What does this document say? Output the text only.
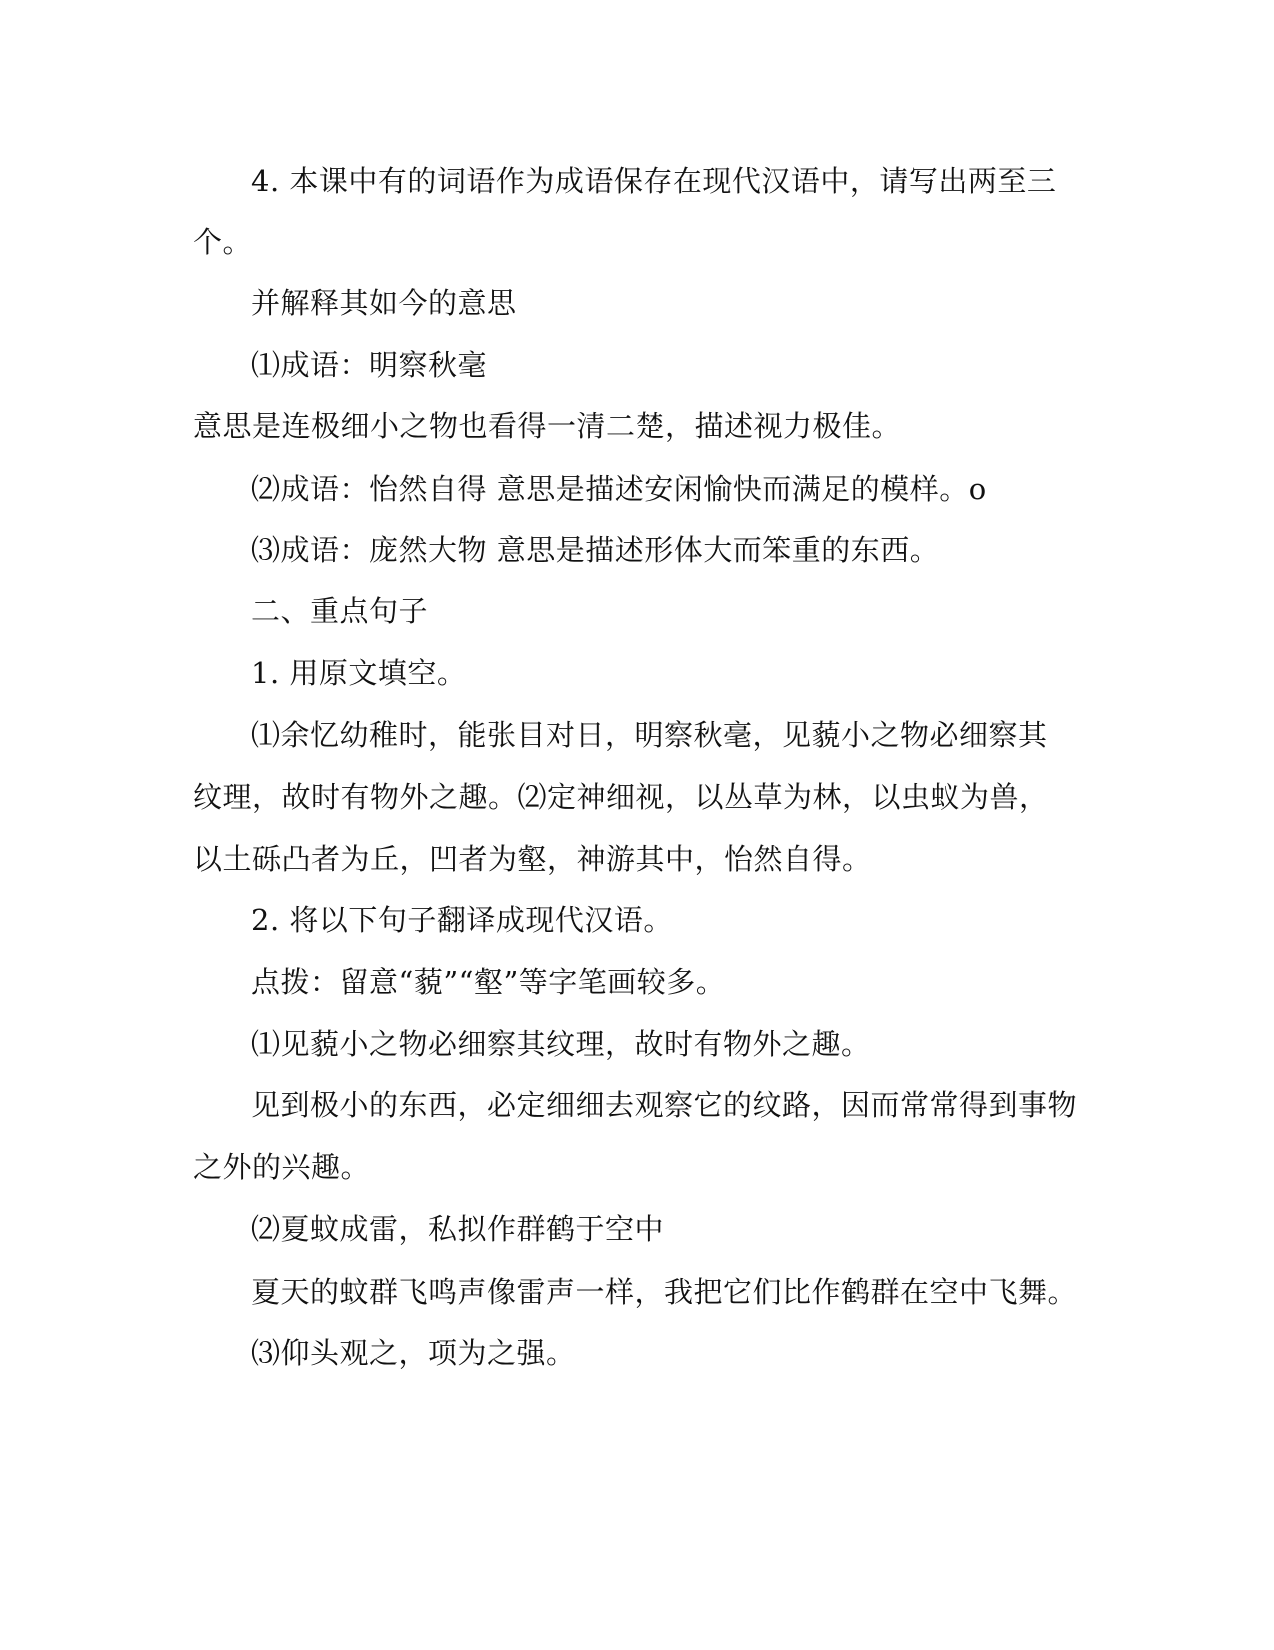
4. 本课中有的词语作为成语保存在现代汉语中，请写出两至三
个。
并解释其如今的意思
⑴成语：明察秋毫
意思是连极细小之物也看得一清二楚，描述视力极佳。
⑵成语：怡然自得 意思是描述安闲愉快而满足的模样。o
⑶成语：庞然大物 意思是描述形体大而笨重的东西。
二、重点句子
1. 用原文填空。
⑴余忆幼稚时，能张目对日，明察秋毫，见藐小之物必细察其
纹理，故时有物外之趣。⑵定神细视，以丛草为林，以虫蚁为兽，
以土砾凸者为丘，凹者为壑，神游其中，怡然自得。
2. 将以下句子翻译成现代汉语。
点拨：留意“藐”“壑”等字笔画较多。
⑴见藐小之物必细察其纹理，故时有物外之趣。
见到极小的东西，必定细细去观察它的纹路，因而常常得到事物
之外的兴趣。
⑵夏蚊成雷，私拟作群鹤于空中
夏天的蚊群飞鸣声像雷声一样，我把它们比作鹤群在空中飞舞。
⑶仰头观之，项为之强。
